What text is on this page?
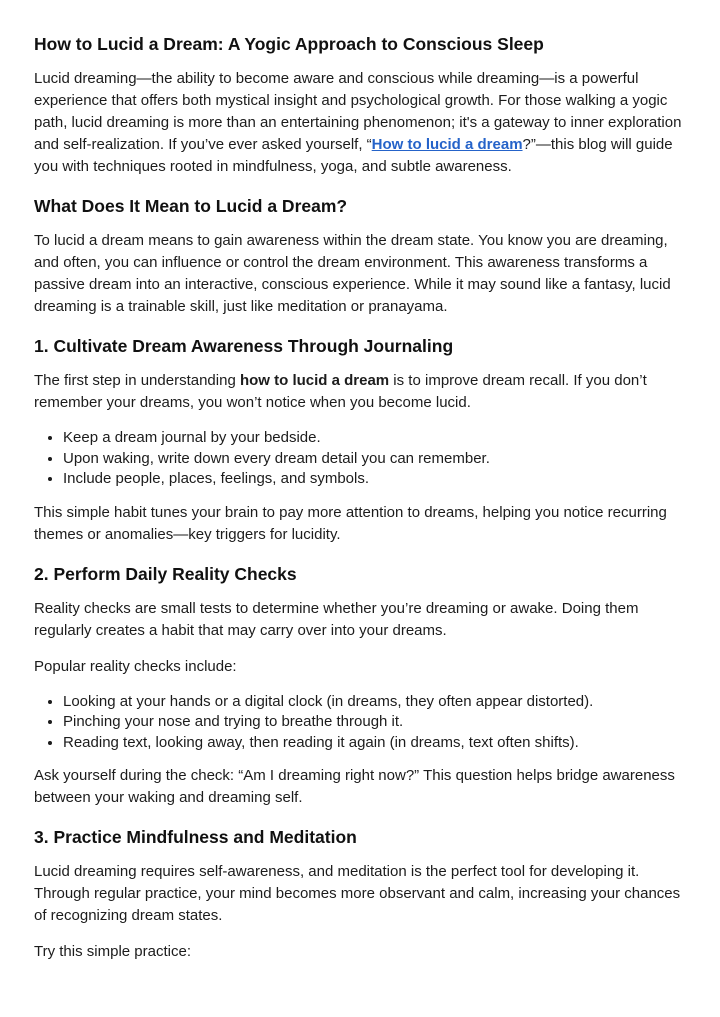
How to Lucid a Dream: A Yogic Approach to Conscious Sleep

Lucid dreaming—the ability to become aware and conscious while dreaming—is a powerful experience that offers both mystical insight and psychological growth. For those walking a yogic path, lucid dreaming is more than an entertaining phenomenon; it's a gateway to inner exploration and self-realization. If you’ve ever asked yourself, “How to lucid a dream?”—this blog will guide you with techniques rooted in mindfulness, yoga, and subtle awareness.

What Does It Mean to Lucid a Dream?

To lucid a dream means to gain awareness within the dream state. You know you are dreaming, and often, you can influence or control the dream environment. This awareness transforms a passive dream into an interactive, conscious experience. While it may sound like a fantasy, lucid dreaming is a trainable skill, just like meditation or pranayama.

1. Cultivate Dream Awareness Through Journaling

The first step in understanding how to lucid a dream is to improve dream recall. If you don’t remember your dreams, you won’t notice when you become lucid.

• Keep a dream journal by your bedside.
• Upon waking, write down every dream detail you can remember.
• Include people, places, feelings, and symbols.

This simple habit tunes your brain to pay more attention to dreams, helping you notice recurring themes or anomalies—key triggers for lucidity.

2. Perform Daily Reality Checks

Reality checks are small tests to determine whether you’re dreaming or awake. Doing them regularly creates a habit that may carry over into your dreams.

Popular reality checks include:

• Looking at your hands or a digital clock (in dreams, they often appear distorted).
• Pinching your nose and trying to breathe through it.
• Reading text, looking away, then reading it again (in dreams, text often shifts).

Ask yourself during the check: “Am I dreaming right now?” This question helps bridge awareness between your waking and dreaming self.

3. Practice Mindfulness and Meditation

Lucid dreaming requires self-awareness, and meditation is the perfect tool for developing it. Through regular practice, your mind becomes more observant and calm, increasing your chances of recognizing dream states.

Try this simple practice:
